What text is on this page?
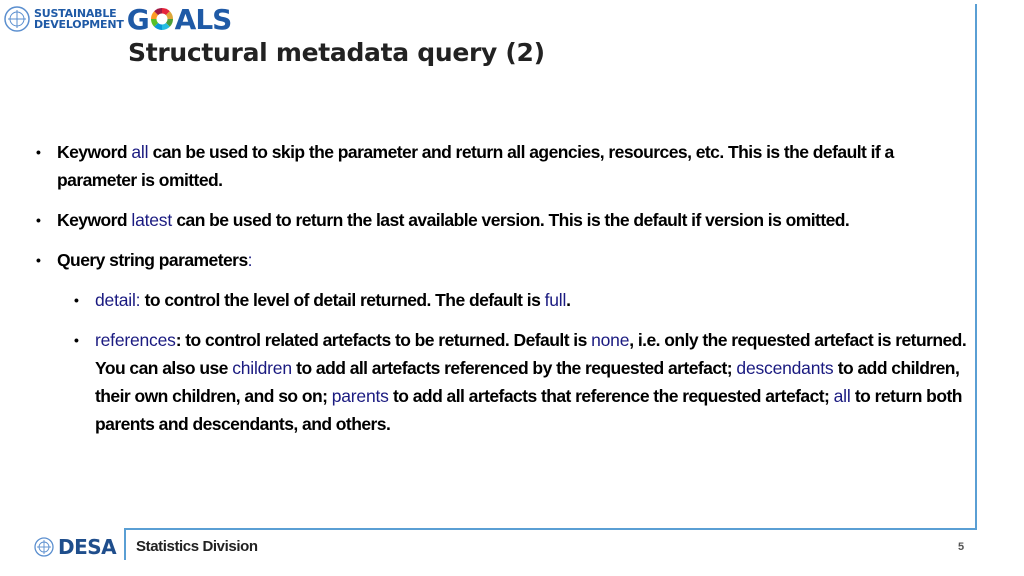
SUSTAINABLE
DEVELOPMENT G ALS
Structural metadata query (2)
• Keyword all can be used to skip the parameter and return all agencies, resources, etc. This is the default if a parameter is omitted.
• Keyword latest can be used to return the last available version. This is the default if version is omitted.
• Query string parameters:
• detail: to control the level of detail returned. The default is full.
• references: to control related artefacts to be returned. Default is none, i.e. only the requested artefact is returned. You can also use children to add all artefacts referenced by the requested artefact; descendants to add children, their own children, and so on; parents to add all artefacts that reference the requested artefact; all to return both parents and descendants, and others.
DESA Statistics Division	5
